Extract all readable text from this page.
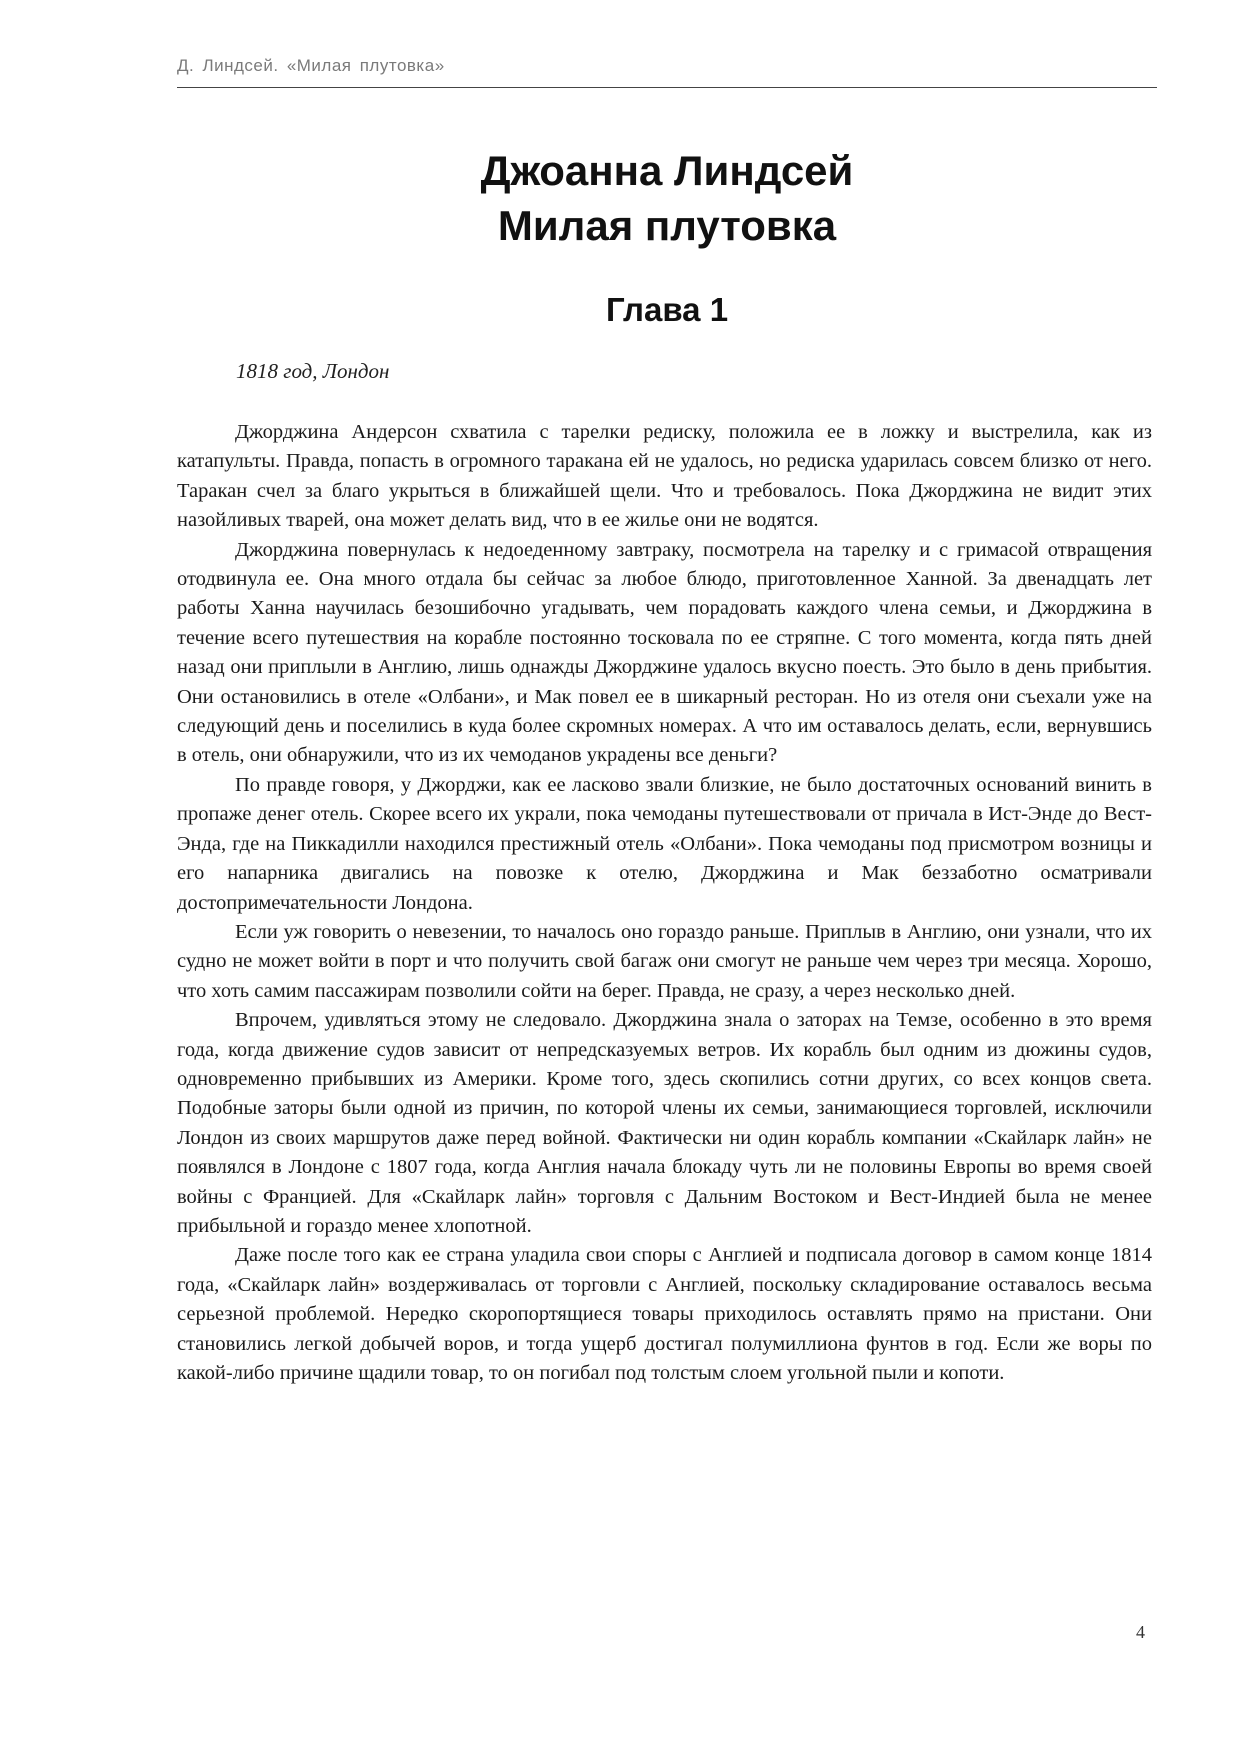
Д. Линдсей. «Милая плутовка»
Джоанна Линдсей
Милая плутовка
Глава 1
1818 год, Лондон

Джорджина Андерсон схватила с тарелки редиску, положила ее в ложку и выстрелила, как из катапульты. Правда, попасть в огромного таракана ей не удалось, но редиска ударилась совсем близко от него. Таракан счел за благо укрыться в ближайшей щели. Что и требовалось. Пока Джорджина не видит этих назойливых тварей, она может делать вид, что в ее жилье они не водятся.

Джорджина повернулась к недоеденному завтраку, посмотрела на тарелку и с гримасой отвращения отодвинула ее. Она много отдала бы сейчас за любое блюдо, приготовленное Ханной. За двенадцать лет работы Ханна научилась безошибочно угадывать, чем порадовать каждого члена семьи, и Джорджина в течение всего путешествия на корабле постоянно тосковала по ее стряпне. С того момента, когда пять дней назад они приплыли в Англию, лишь однажды Джорджине удалось вкусно поесть. Это было в день прибытия. Они остановились в отеле «Олбани», и Мак повел ее в шикарный ресторан. Но из отеля они съехали уже на следующий день и поселились в куда более скромных номерах. А что им оставалось делать, если, вернувшись в отель, они обнаружили, что из их чемоданов украдены все деньги?

По правде говоря, у Джорджи, как ее ласково звали близкие, не было достаточных оснований винить в пропаже денег отель. Скорее всего их украли, пока чемоданы путешествовали от причала в Ист-Энде до Вест-Энда, где на Пиккадилли находился престижный отель «Олбани». Пока чемоданы под присмотром возницы и его напарника двигались на повозке к отелю, Джорджина и Мак беззаботно осматривали достопримечательности Лондона.

Если уж говорить о невезении, то началось оно гораздо раньше. Приплыв в Англию, они узнали, что их судно не может войти в порт и что получить свой багаж они смогут не раньше чем через три месяца. Хорошо, что хоть самим пассажирам позволили сойти на берег. Правда, не сразу, а через несколько дней.

Впрочем, удивляться этому не следовало. Джорджина знала о заторах на Темзе, особенно в это время года, когда движение судов зависит от непредсказуемых ветров. Их корабль был одним из дюжины судов, одновременно прибывших из Америки. Кроме того, здесь скопились сотни других, со всех концов света. Подобные заторы были одной из причин, по которой члены их семьи, занимающиеся торговлей, исключили Лондон из своих маршрутов даже перед войной. Фактически ни один корабль компании «Скайларк лайн» не появлялся в Лондоне с 1807 года, когда Англия начала блокаду чуть ли не половины Европы во время своей войны с Францией. Для «Скайларк лайн» торговля с Дальним Востоком и Вест-Индией была не менее прибыльной и гораздо менее хлопотной.

Даже после того как ее страна уладила свои споры с Англией и подписала договор в самом конце 1814 года, «Скайларк лайн» воздерживалась от торговли с Англией, поскольку складирование оставалось весьма серьезной проблемой. Нередко скоропортящиеся товары приходилось оставлять прямо на пристани. Они становились легкой добычей воров, и тогда ущерб достигал полумиллиона фунтов в год. Если же воры по какой-либо причине щадили товар, то он погибал под толстым слоем угольной пыли и копоти.

4
